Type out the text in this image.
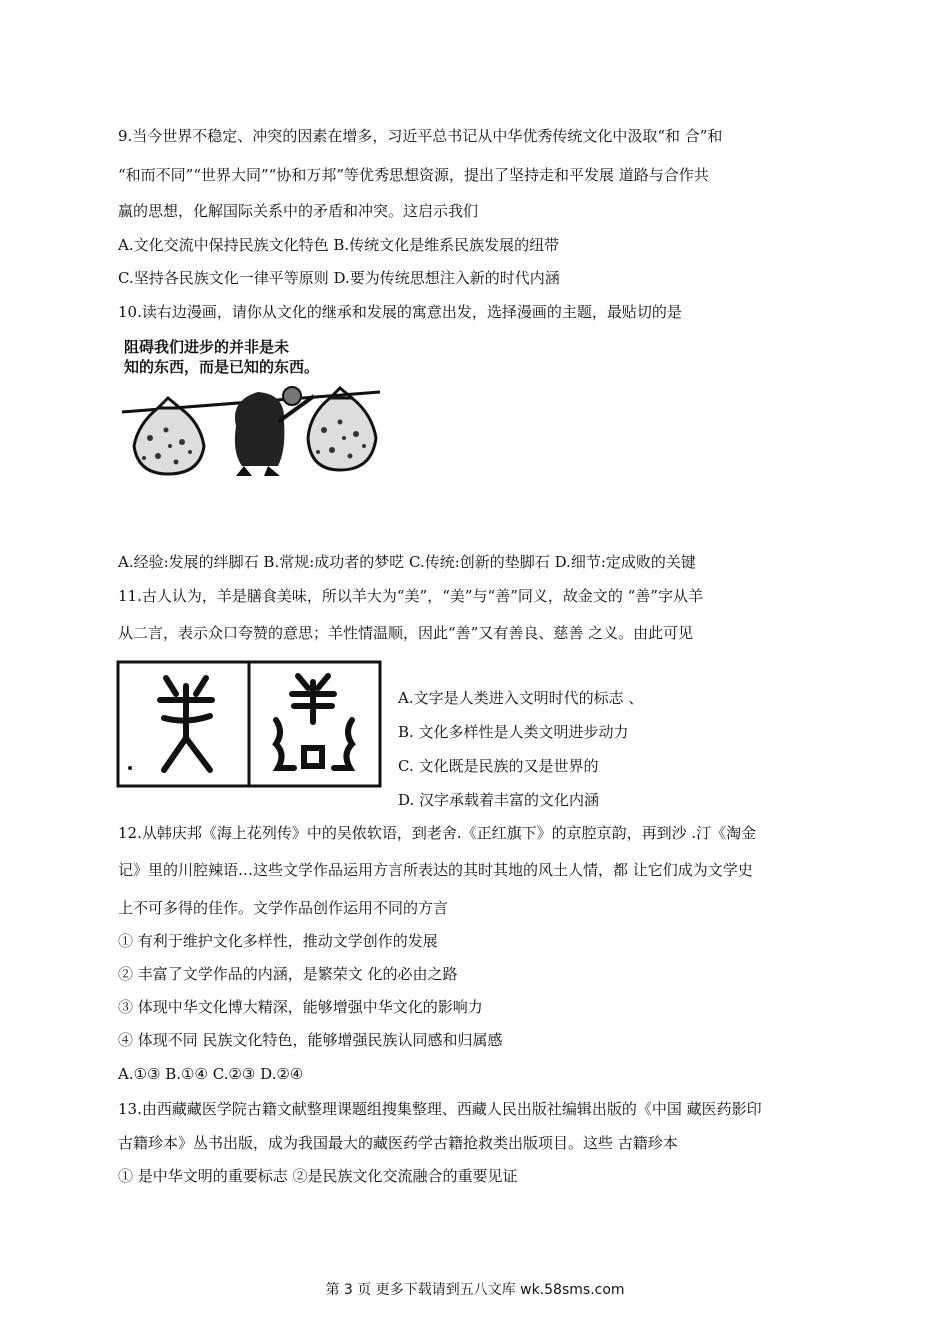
9.当今世界不稳定、冲突的因素在增多，习近平总书记从中华优秀传统文化中汲取“和 合”和
“和而不同”“世界大同”“协和万邦”等优秀思想资源，提出了坚持走和平发展 道路与合作共
赢的思想，化解国际关系中的矛盾和冲突。这启示我们
A.文化交流中保持民族文化特色 B.传统文化是维系民族发展的纽带
C.坚持各民族文化一律平等原则 D.要为传统思想注入新的时代内涵
10.读右边漫画，请你从文化的继承和发展的寓意出发，选择漫画的主题，最贴切的是
阻碍我们进步的并非是未
知的东西，而是已知的东西。
A.经验:发展的绊脚石 B.常规:成功者的梦呓 C.传统:创新的垫脚石 D.细节:定成败的关键
11.古人认为，羊是膳食美味，所以羊大为“美”，“美”与“善”同义，故金文的 “善”字从羊
从二言，表示众口夸赞的意思；羊性情温顺，因此“善”又有善良、慈善 之义。由此可见
A.文字是人类进入文明时代的标志 、
B. 文化多样性是人类文明进步动力
C. 文化既是民族的又是世界的
D. 汉字承载着丰富的文化内涵
12.从韩庆邦《海上花列传》中的吴侬软语，到老舍.《正红旗下》的京腔京韵，再到沙 .汀《淘金
记》里的川腔辣语…这些文学作品运用方言所表达的其时其地的风土人情，都 让它们成为文学史
上不可多得的佳作。文学作品创作运用不同的方言
① 有利于维护文化多样性，推动文学创作的发展
② 丰富了文学作品的内涵，是繁荣文 化的必由之路
③ 体现中华文化博大精深，能够增强中华文化的影响力
④ 体现不同 民族文化特色，能够增强民族认同感和归属感
A.①③ B.①④ C.②③ D.②④
13.由西藏藏医学院古籍文献整理课题组搜集整理、西藏人民出版社编辑出版的《中国 藏医药影印
古籍珍本》丛书出版，成为我国最大的藏医药学古籍抢救类出版项目。这些 古籍珍本
① 是中华文明的重要标志 ②是民族文化交流融合的重要见证
第 3 页 更多下载请到五八文库 wk.58sms.com
